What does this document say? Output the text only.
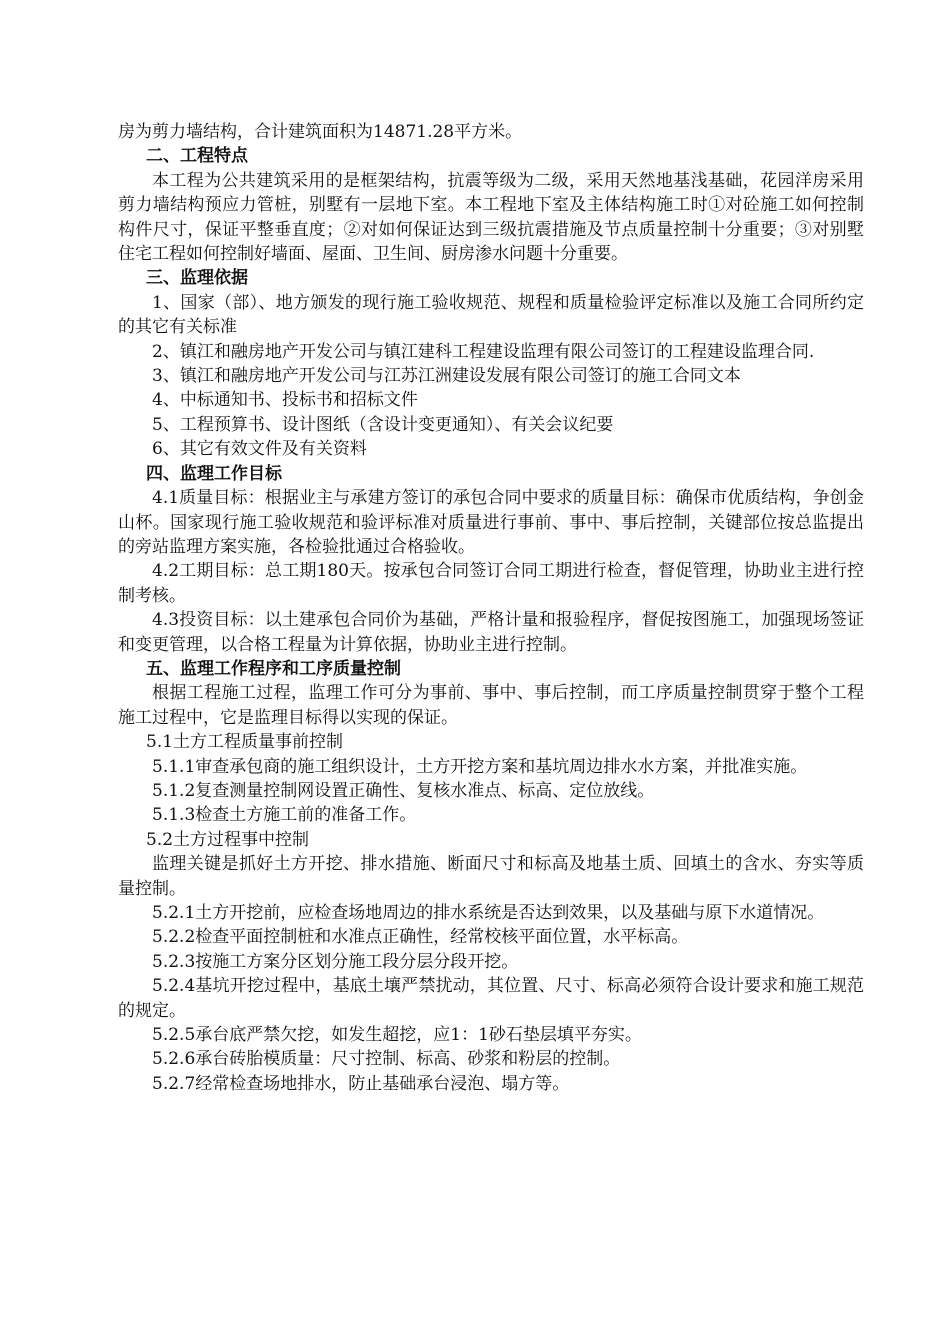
房为剪力墙结构，合计建筑面积为14871.28平方米。

二、工程特点

本工程为公共建筑采用的是框架结构，抗震等级为二级，采用天然地基浅基础，花园洋房采用剪力墙结构预应力管桩，别墅有一层地下室。本工程地下室及主体结构施工时①对砼施工如何控制构件尺寸，保证平整垂直度；②对如何保证达到三级抗震措施及节点质量控制十分重要；③对别墅住宅工程如何控制好墙面、屋面、卫生间、厨房渗水问题十分重要。

三、监理依据

1、国家（部）、地方颁发的现行施工验收规范、规程和质量检验评定标准以及施工合同所约定的其它有关标准

2、镇江和融房地产开发公司与镇江建科工程建设监理有限公司签订的工程建设监理合同.

3、镇江和融房地产开发公司与江苏江洲建设发展有限公司签订的施工合同文本

4、中标通知书、投标书和招标文件

5、工程预算书、设计图纸（含设计变更通知）、有关会议纪要

6、其它有效文件及有关资料

四、监理工作目标

4.1质量目标：根据业主与承建方签订的承包合同中要求的质量目标：确保市优质结构，争创金山杯。国家现行施工验收规范和验评标准对质量进行事前、事中、事后控制，关键部位按总监提出的旁站监理方案实施，各检验批通过合格验收。

4.2工期目标：总工期180天。按承包合同签订合同工期进行检查，督促管理，协助业主进行控制考核。

4.3投资目标：以土建承包合同价为基础，严格计量和报验程序，督促按图施工，加强现场签证和变更管理，以合格工程量为计算依据，协助业主进行控制。

五、监理工作程序和工序质量控制

根据工程施工过程，监理工作可分为事前、事中、事后控制，而工序质量控制贯穿于整个工程施工过程中，它是监理目标得以实现的保证。

5.1土方工程质量事前控制

5.1.1审查承包商的施工组织设计，土方开挖方案和基坑周边排水水方案，并批准实施。

5.1.2复查测量控制网设置正确性、复核水准点、标高、定位放线。

5.1.3检查土方施工前的准备工作。

5.2土方过程事中控制

监理关键是抓好土方开挖、排水措施、断面尺寸和标高及地基土质、回填土的含水、夯实等质量控制。

5.2.1土方开挖前，应检查场地周边的排水系统是否达到效果，以及基础与原下水道情况。

5.2.2检查平面控制桩和水准点正确性，经常校核平面位置，水平标高。

5.2.3按施工方案分区划分施工段分层分段开挖。

5.2.4基坑开挖过程中，基底土壤严禁扰动，其位置、尺寸、标高必须符合设计要求和施工规范的规定。

5.2.5承台底严禁欠挖，如发生超挖，应1：1砂石垫层填平夯实。

5.2.6承台砖胎模质量：尺寸控制、标高、砂浆和粉层的控制。

5.2.7经常检查场地排水，防止基础承台浸泡、塌方等。
